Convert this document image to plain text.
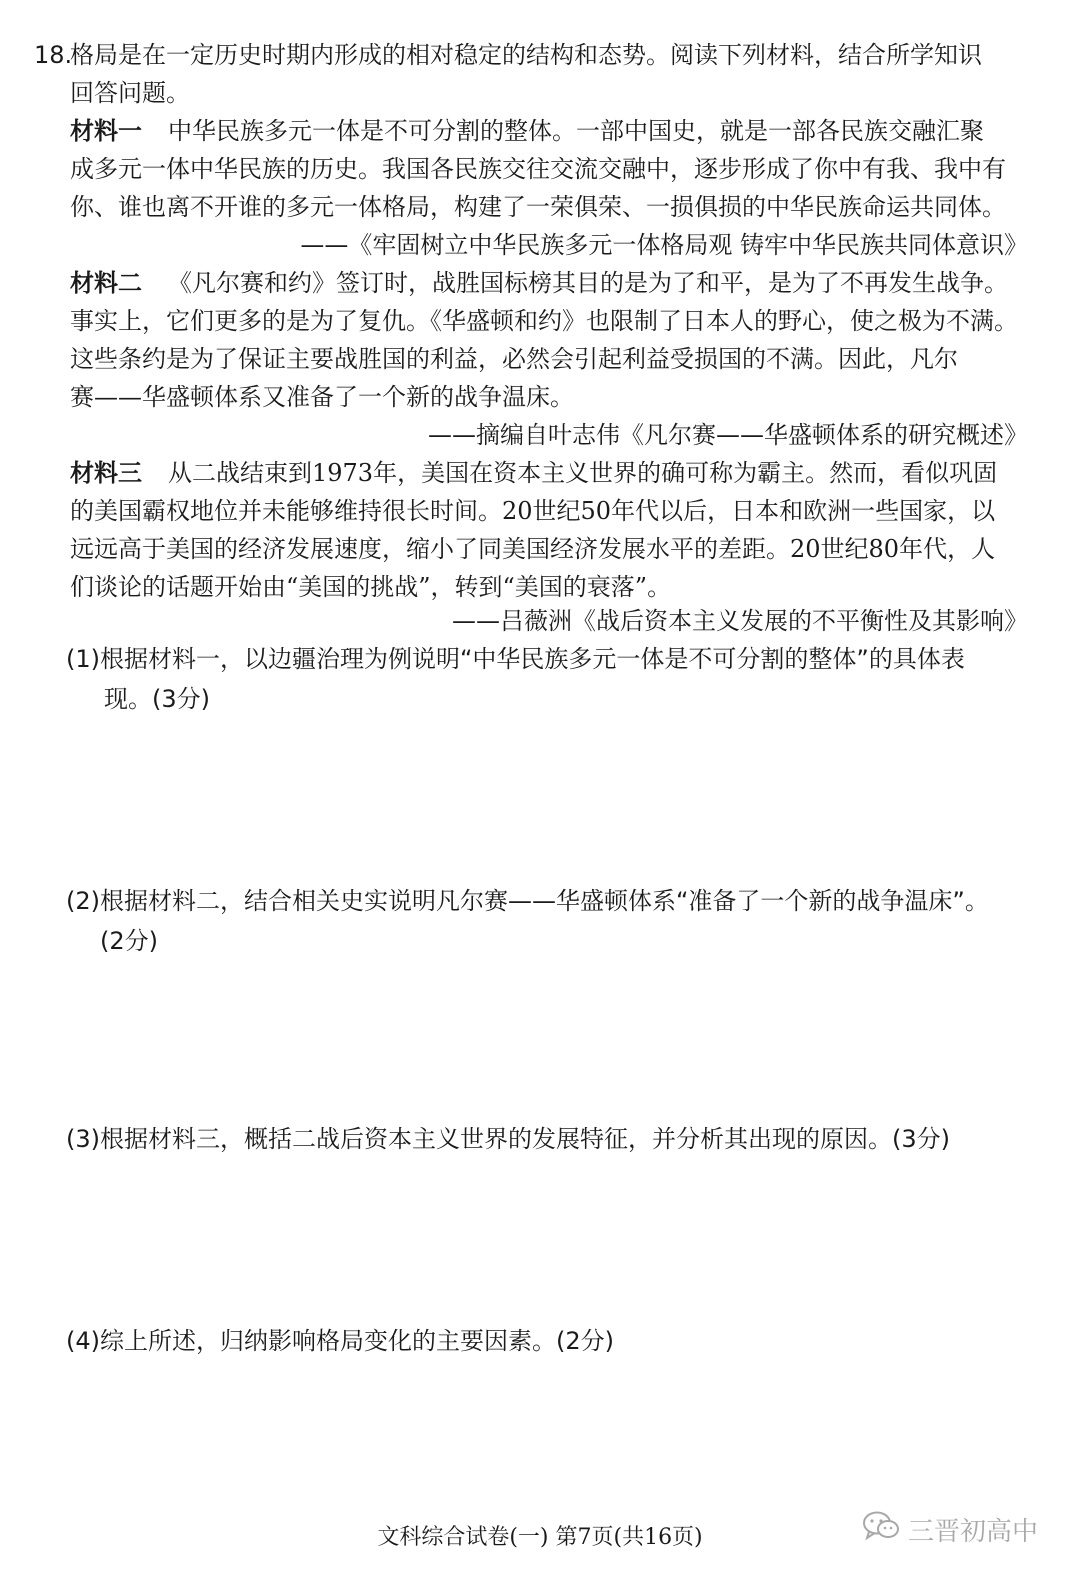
18.
格局是在一定历史时期内形成的相对稳定的结构和态势。阅读下列材料，结合所学知识
回答问题。
材料一 中华民族多元一体是不可分割的整体。一部中国史，就是一部各民族交融汇聚
成多元一体中华民族的历史。我国各民族交往交流交融中，逐步形成了你中有我、我中有
你、谁也离不开谁的多元一体格局，构建了一荣俱荣、一损俱损的中华民族命运共同体。
——《牢固树立中华民族多元一体格局观 铸牢中华民族共同体意识》
材料二 《凡尔赛和约》签订时，战胜国标榜其目的是为了和平，是为了不再发生战争。
事实上，它们更多的是为了复仇。《华盛顿和约》也限制了日本人的野心，使之极为不满。
这些条约是为了保证主要战胜国的利益，必然会引起利益受损国的不满。因此，凡尔
赛——华盛顿体系又准备了一个新的战争温床。
——摘编自叶志伟《凡尔赛——华盛顿体系的研究概述》
材料三 从二战结束到1973年，美国在资本主义世界的确可称为霸主。然而，看似巩固
的美国霸权地位并未能够维持很长时间。20世纪50年代以后，日本和欧洲一些国家，以
远远高于美国的经济发展速度，缩小了同美国经济发展水平的差距。20世纪80年代，人
们谈论的话题开始由“美国的挑战”，转到“美国的衰落”。
——吕薇洲《战后资本主义发展的不平衡性及其影响》
(1)根据材料一，以边疆治理为例说明“中华民族多元一体是不可分割的整体”的具体表
现。(3分)
(2)根据材料二，结合相关史实说明凡尔赛——华盛顿体系“准备了一个新的战争温床”。
(2分)
(3)根据材料三，概括二战后资本主义世界的发展特征，并分析其出现的原因。(3分)
(4)综上所述，归纳影响格局变化的主要因素。(2分)
文科综合试卷(一) 第7页(共16页)	三晋初高中
